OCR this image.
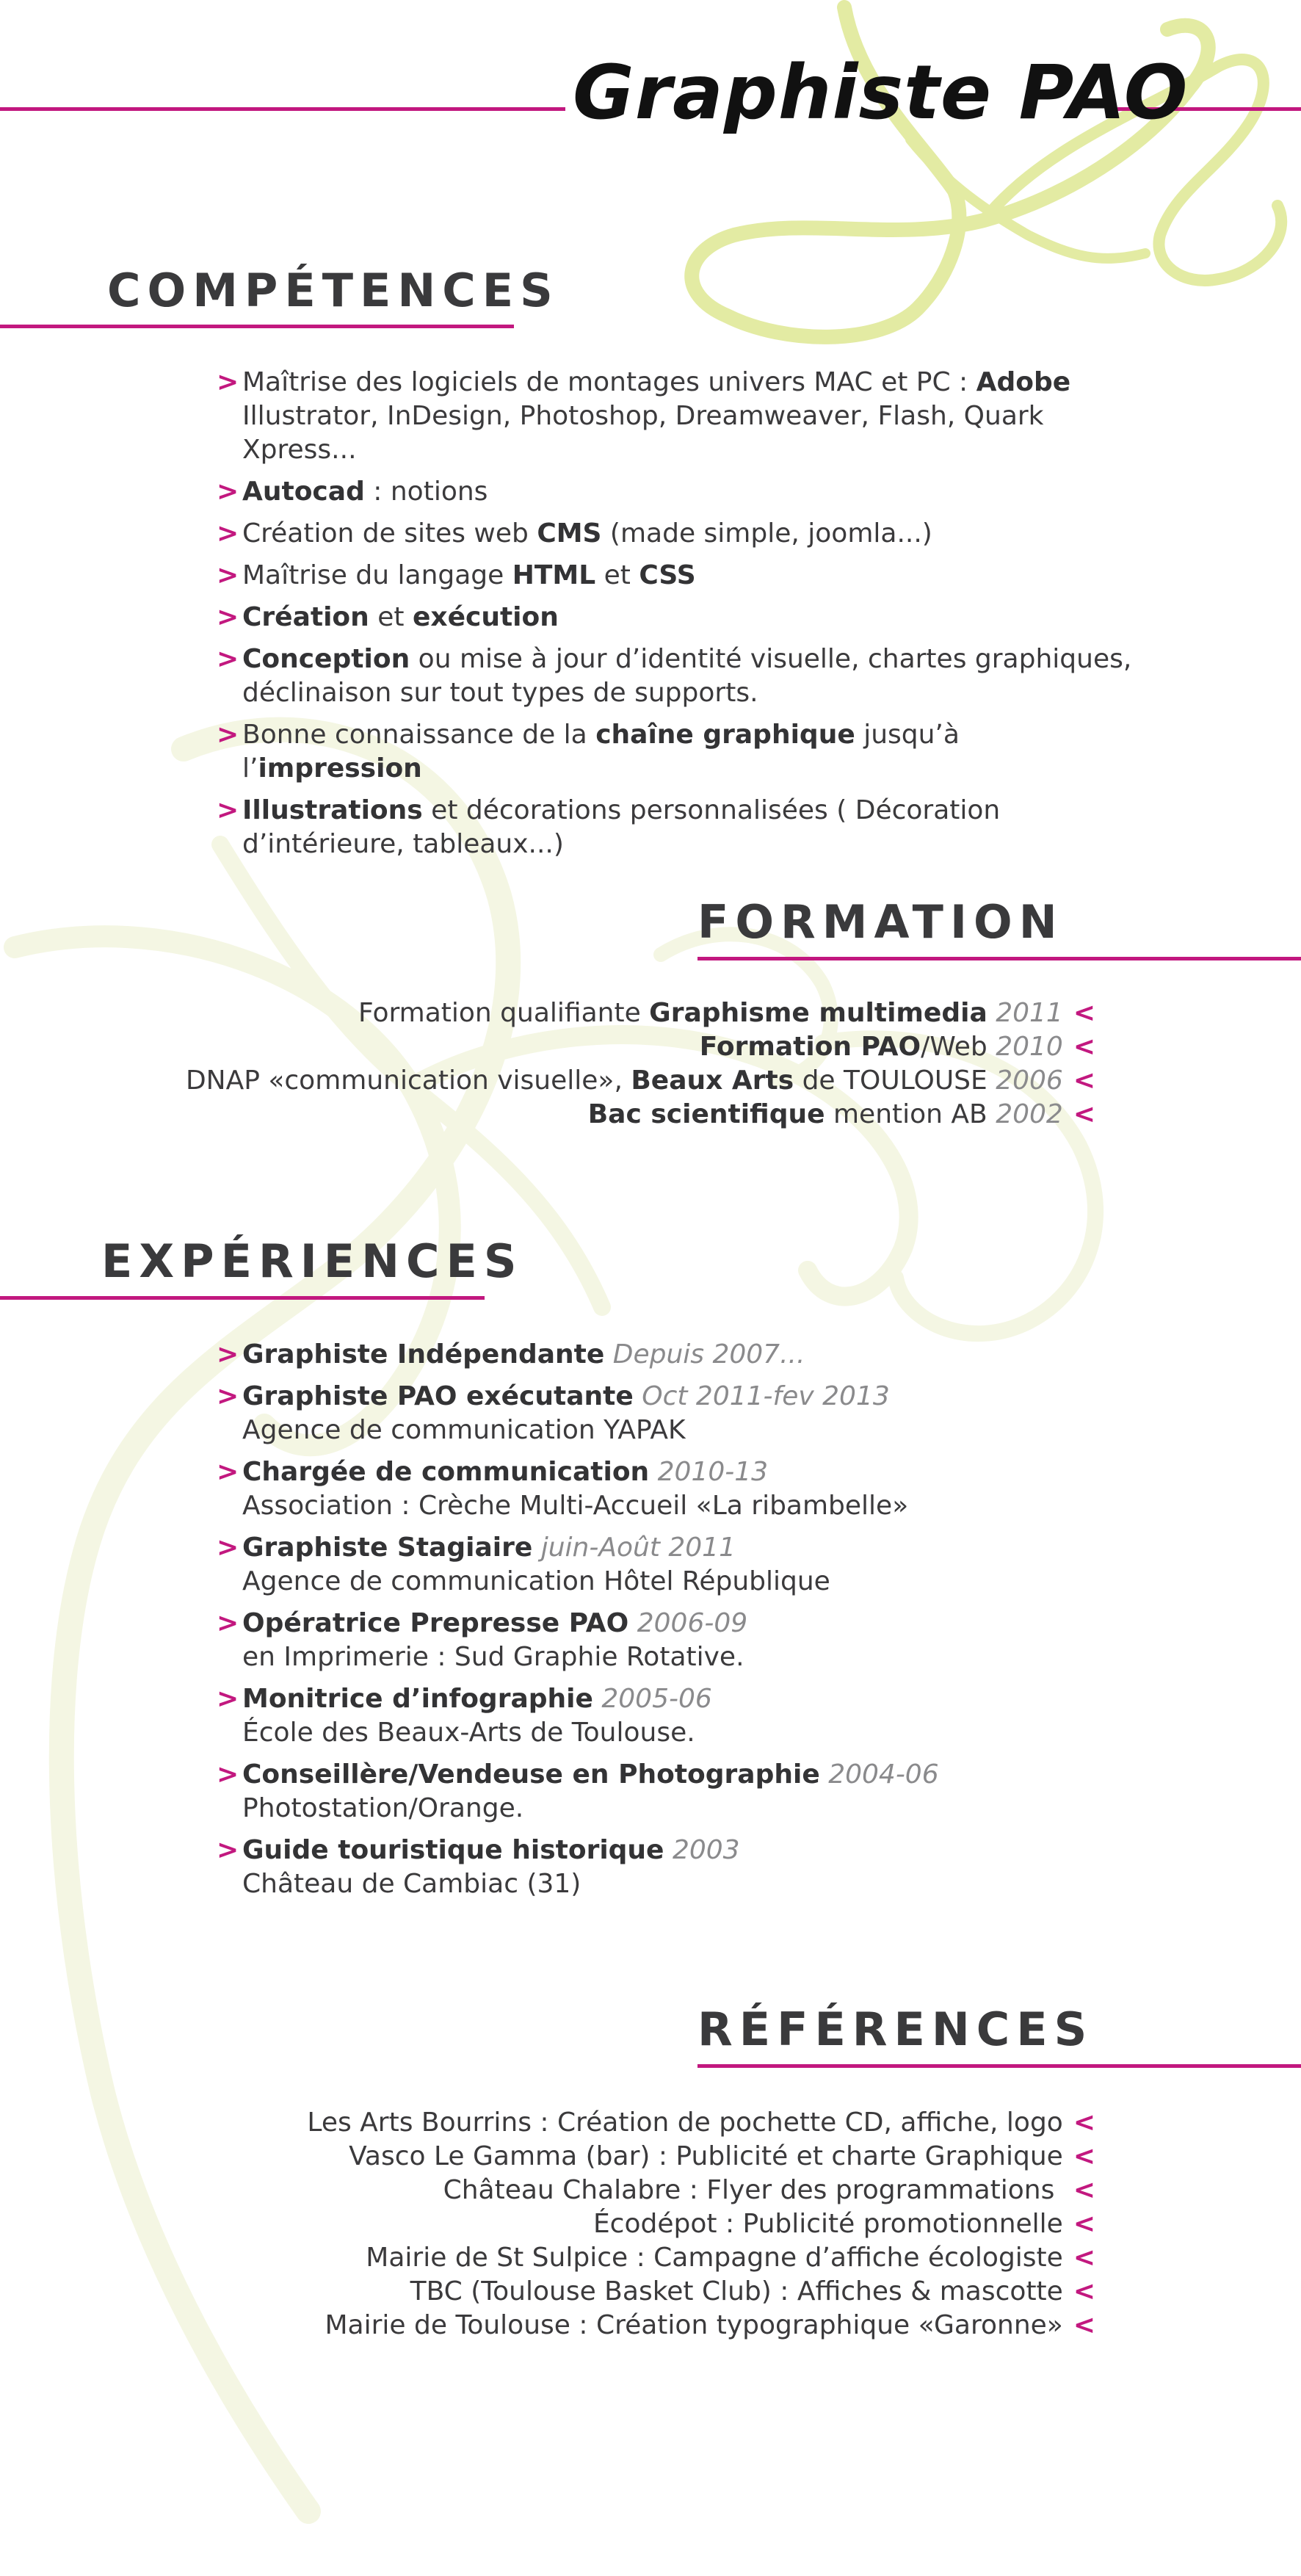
Graphiste PAO
COMPÉTENCES
> Maîtrise des logiciels de montages univers MAC et PC : Adobe Illustrator, InDesign, Photoshop, Dreamweaver, Flash, Quark Xpress...
> Autocad : notions
> Création de sites web CMS (made simple, joomla...)
> Maîtrise du langage HTML et CSS
> Création et exécution
> Conception ou mise à jour d’identité visuelle, chartes graphiques, déclinaison sur tout types de supports.
> Bonne connaissance de la chaîne graphique jusqu’à l’impression
> Illustrations et décorations personnalisées ( Décoration d’intérieure, tableaux...)
FORMATION
Formation qualifiante Graphisme multimedia 2011 <
Formation PAO/Web 2010 <
DNAP «communication visuelle», Beaux Arts de TOULOUSE 2006 <
Bac scientifique mention AB 2002 <
EXPÉRIENCES
> Graphiste Indépendante Depuis 2007...
> Graphiste PAO exécutante Oct 2011-fev 2013
Agence de communication YAPAK
> Chargée de communication 2010-13
Association : Crèche Multi-Accueil «La ribambelle»
> Graphiste Stagiaire juin-Août 2011
Agence de communication Hôtel République
> Opératrice Prepresse PAO 2006-09
en Imprimerie : Sud Graphie Rotative.
> Monitrice d’infographie 2005-06
École des Beaux-Arts de Toulouse.
> Conseillère/Vendeuse en Photographie 2004-06
Photostation/Orange.
> Guide touristique historique 2003
Château de Cambiac (31)
RÉFÉRENCES
Les Arts Bourrins : Création de pochette CD, affiche, logo <
Vasco Le Gamma (bar) : Publicité et charte Graphique <
Château Chalabre : Flyer des programmations <
Écodépot : Publicité promotionnelle <
Mairie de St Sulpice : Campagne d’affiche écologiste <
TBC (Toulouse Basket Club) : Affiches & mascotte <
Mairie de Toulouse : Création typographique «Garonne» <
